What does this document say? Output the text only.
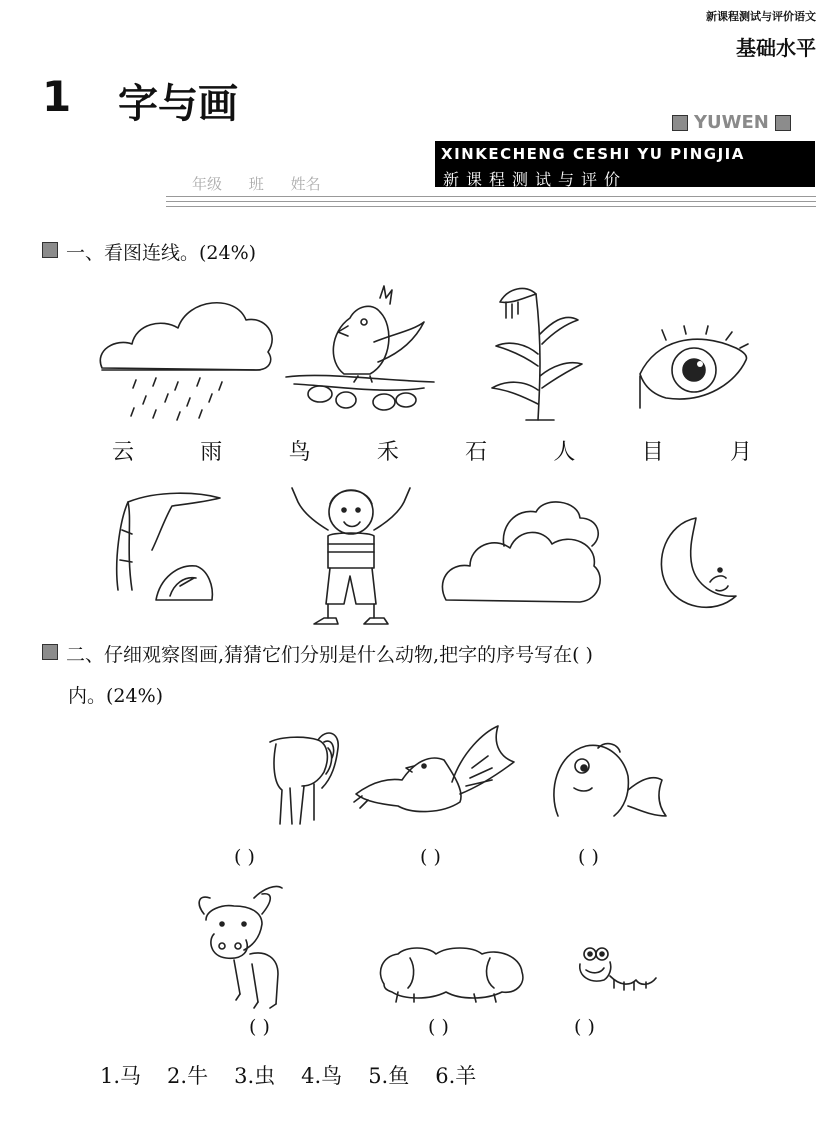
新课程测试与评价语文
基础水平
1 字与画	YUWEN
XINKECHENG CESHI YU PINGJIA
新课程测试与评价
年级 班 姓名
一、看图连线。(24%)
云	雨	鸟	禾	石	人	目	月
二、仔细观察图画,猜猜它们分别是什么动物,把字的序号写在( )
内。(24%)
( )	( )	( )
( )	( )	( )
1.马 2.牛 3.虫 4.鸟 5.鱼 6.羊
